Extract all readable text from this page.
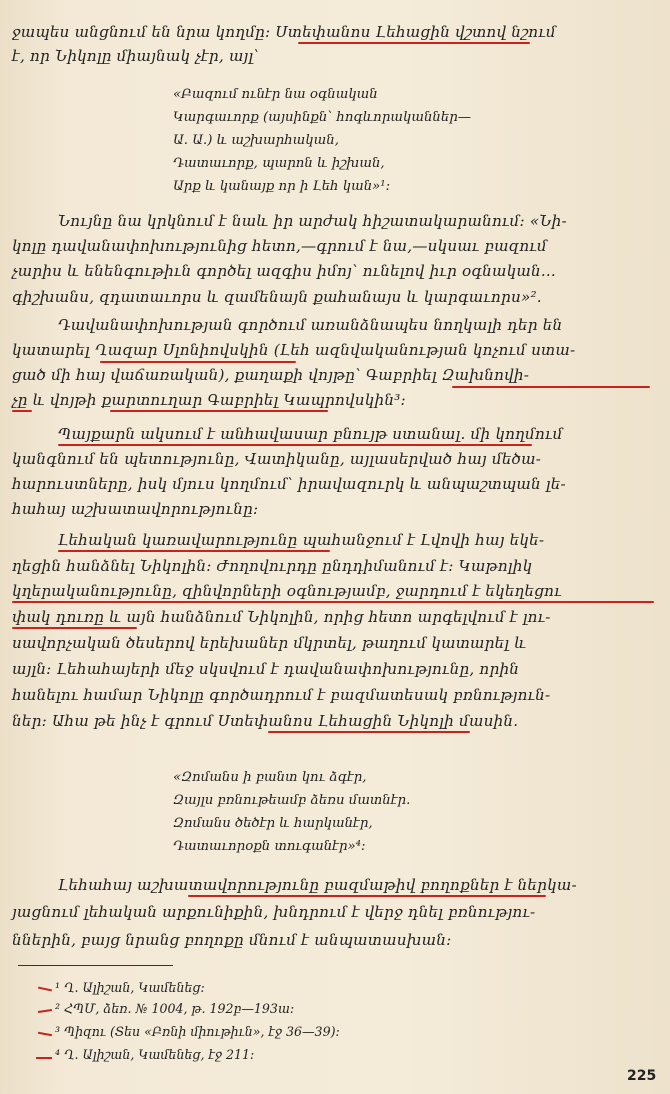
ջապես անցնում են նրա կողմը։ Ստեփանոս Լեհացին վշտով նշում
է, որ Նիկոլը միայնակ չէր, այլ՝
«Բազում ունէր նա օգնական
Կարգաւորք (այսինքն՝ հոգևորականներ—
Ա. Ա.) և աշխարհական,
Դատաւորք, պարոն և իշխան,
Արք և կանայք որ ի Լեհ կան»¹։
Նույնը նա կրկնում է նաև իր արժակ հիշատակարանում։ «Նի-
կոլը դավանափոխությունից հետո,—գրում է նա,—սկսաւ բազում
չարիս և ենենգութիւն գործել ազգիս իմոյ՝ ունելով իւր օգնական...
գիշխանս, զդատաւորս և զամենայն քահանայս և կարգաւորս»².
Դավանափոխության գործում առանձնապես նողկալի դեր են
կատարել Ղազար Սլոնիովսկին (Լեհ ազնվականության կոչում ստա-
ցած մի հայ վաճառական), քաղաքի վոյթը՝ Գաբրիել Զախնովի-
չը և վոյթի քարտուղար Գաբրիել Կապրովսկին³։
Պայքարն ակսում է անհավասար բնույթ ստանալ. մի կողմում
կանգնում են պետությունը, Վատիկանը, այլասերված հայ մեծա-
հարուստները, իսկ մյուս կողմում՝ իրավազուրկ և անպաշտպան լե-
հահայ աշխատավորությունը։
Լեհական կառավարությունը պահանջում է Լվովի հայ եկե-
ղեցին հանձնել Նիկոլին։ Ժողովուրդը ընդդիմանում է։ Կաթոլիկ
կղերականությունը, զինվորների օգնությամբ, ջարդում է եկեղեցու
փակ դուռը և այն հանձնում Նիկոլին, որից հետո արգելվում է լու-
սավորչական ծեսերով երեխաներ մկրտել, թաղում կատարել և
այլն։ Լեհահայերի մեջ սկսվում է դավանափոխությունը, որին
հանելու համար Նիկոլը գործադրում է բազմատեսակ բռնություն-
ներ։ Ահա թե ինչ է գրում Ստեփանոս Լեհացին Նիկոլի մասին.
«Զոմանս ի բանտ կու ձգէր,
Զայլս բռնութեամբ ձեռս մատնէր.
Զոմանս ծեծէր և հարկանէր,
Դատաւորօքն տուգանէր»⁴։
Լեհահայ աշխատավորությունը բազմաթիվ բողոքներ է ներկա-
յացնում լեհական արքունիքին, խնդրում է վերջ դնել բռնությու-
ններին, բայց նրանց բողոքը մնում է անպատասխան։
¹ Ղ. Ալիշան, Կամենեց։
² ՀՊՄ, ձեռ. № 1004, թ. 192բ—193ա։
³ Պիզու (Տես «Բռնի միութիւն», էջ 36—39)։
⁴ Ղ. Ալիշան, Կամենեց, էջ 211։
225
